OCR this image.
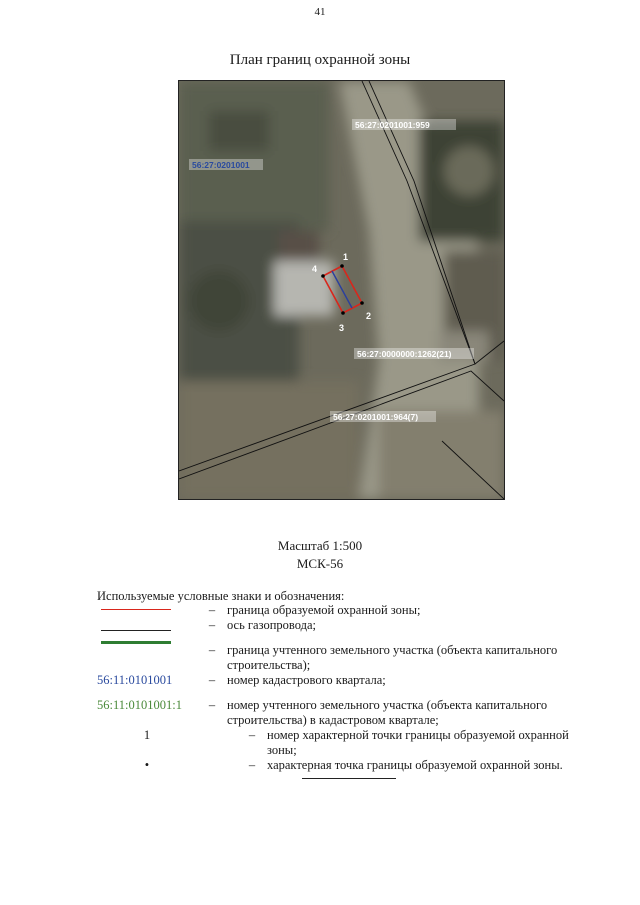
41
План границ охранной зоны
56:27:0201001:959
56:27:0201001
56:27:0000000:1262(21)
56:27:0201001:964(7)
1
2
3
4
Масштаб 1:500
МСК-56
Используемые условные знаки и обозначения:
– граница образуемой охранной зоны;
– ось газопровода;
– граница учтенного земельного участка (объекта капитального строительства);
56:11:0101001	– номер кадастрового квартала;
56:11:0101001:1	– номер учтенного земельного участка (объекта капитального строительства) в кадастровом квартале;
1	– номер характерной точки границы образуемой охранной зоны;
•	– характерная точка границы образуемой охранной зоны.
